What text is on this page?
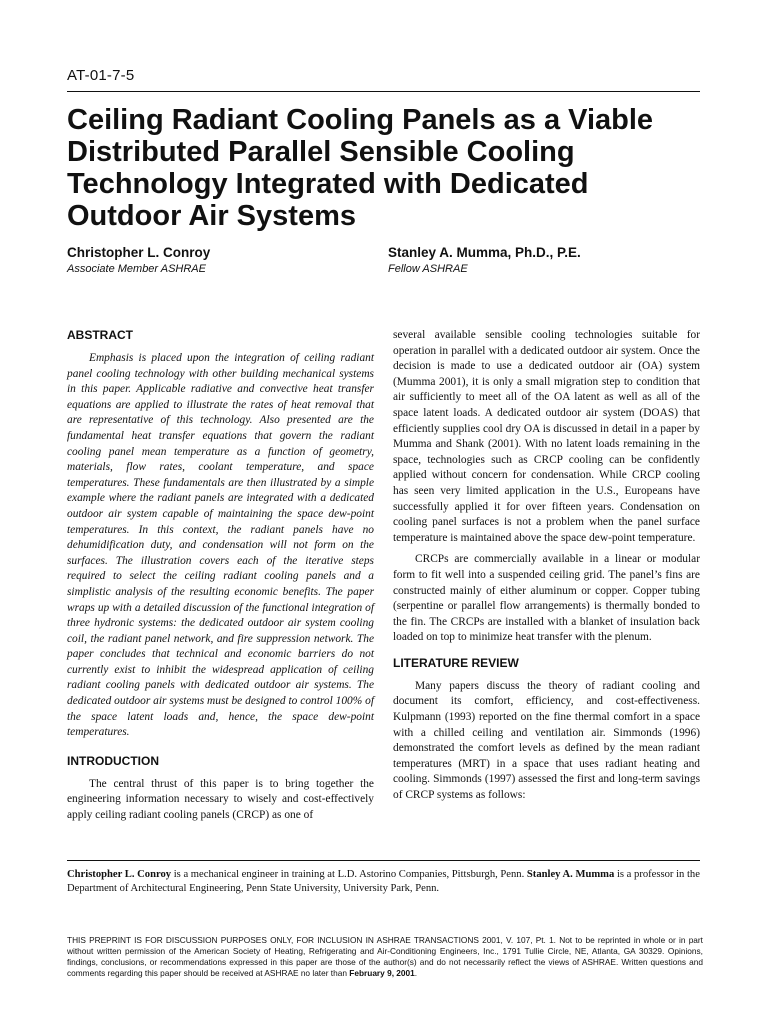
AT-01-7-5
Ceiling Radiant Cooling Panels as a Viable Distributed Parallel Sensible Cooling Technology Integrated with Dedicated Outdoor Air Systems
Christopher L. Conroy
Associate Member ASHRAE
Stanley A. Mumma, Ph.D., P.E.
Fellow ASHRAE
ABSTRACT

Emphasis is placed upon the integration of ceiling radiant panel cooling technology with other building mechanical systems in this paper. Applicable radiative and convective heat transfer equations are applied to illustrate the rates of heat removal that are representative of this technology. Also presented are the fundamental heat transfer equations that govern the radiant cooling panel mean temperature as a function of geometry, materials, flow rates, coolant temperature, and space temperatures. These fundamentals are then illustrated by a simple example where the radiant panels are integrated with a dedicated outdoor air system capable of maintaining the space dew-point temperatures. In this context, the radiant panels have no dehumidification duty, and condensation will not form on the surfaces. The illustration covers each of the iterative steps required to select the ceiling radiant cooling panels and a simplistic analysis of the resulting economic benefits. The paper wraps up with a detailed discussion of the functional integration of three hydronic systems: the dedicated outdoor air system cooling coil, the radiant panel network, and fire suppression network. The paper concludes that technical and economic barriers do not currently exist to inhibit the widespread application of ceiling radiant cooling panels with dedicated outdoor air systems. The dedicated outdoor air systems must be designed to control 100% of the space latent loads and, hence, the space dew-point temperatures.

INTRODUCTION

The central thrust of this paper is to bring together the engineering information necessary to wisely and cost-effectively apply ceiling radiant cooling panels (CRCP) as one of

several available sensible cooling technologies suitable for operation in parallel with a dedicated outdoor air system. Once the decision is made to use a dedicated outdoor air (OA) system (Mumma 2001), it is only a small migration step to condition that air sufficiently to meet all of the OA latent as well as all of the space latent loads. A dedicated outdoor air system (DOAS) that efficiently supplies cool dry OA is discussed in detail in a paper by Mumma and Shank (2001). With no latent loads remaining in the space, technologies such as CRCP cooling can be confidently applied without concern for condensation. While CRCP cooling has seen very limited application in the U.S., Europeans have successfully applied it for over fifteen years. Condensation on cooling panel surfaces is not a problem when the panel surface temperature is maintained above the space dew-point temperature.

CRCPs are commercially available in a linear or modular form to fit well into a suspended ceiling grid. The panel’s fins are constructed mainly of either aluminum or copper. Copper tubing (serpentine or parallel flow arrangements) is thermally bonded to the fin. The CRCPs are installed with a blanket of insulation back loaded on top to minimize heat transfer with the plenum.

LITERATURE REVIEW

Many papers discuss the theory of radiant cooling and document its comfort, efficiency, and cost-effectiveness. Kulpmann (1993) reported on the fine thermal comfort in a space with a chilled ceiling and ventilation air. Simmonds (1996) demonstrated the comfort levels as defined by the mean radiant temperatures (MRT) in a space that uses radiant heating and cooling. Simmonds (1997) assessed the first and long-term savings of CRCP systems as follows:

Christopher L. Conroy is a mechanical engineer in training at L.D. Astorino Companies, Pittsburgh, Penn. Stanley A. Mumma is a professor in the Department of Architectural Engineering, Penn State University, University Park, Penn.

THIS PREPRINT IS FOR DISCUSSION PURPOSES ONLY, FOR INCLUSION IN ASHRAE TRANSACTIONS 2001, V. 107, Pt. 1. Not to be reprinted in whole or in part without written permission of the American Society of Heating, Refrigerating and Air-Conditioning Engineers, Inc., 1791 Tullie Circle, NE, Atlanta, GA 30329. Opinions, findings, conclusions, or recommendations expressed in this paper are those of the author(s) and do not necessarily reflect the views of ASHRAE. Written questions and comments regarding this paper should be received at ASHRAE no later than February 9, 2001.
